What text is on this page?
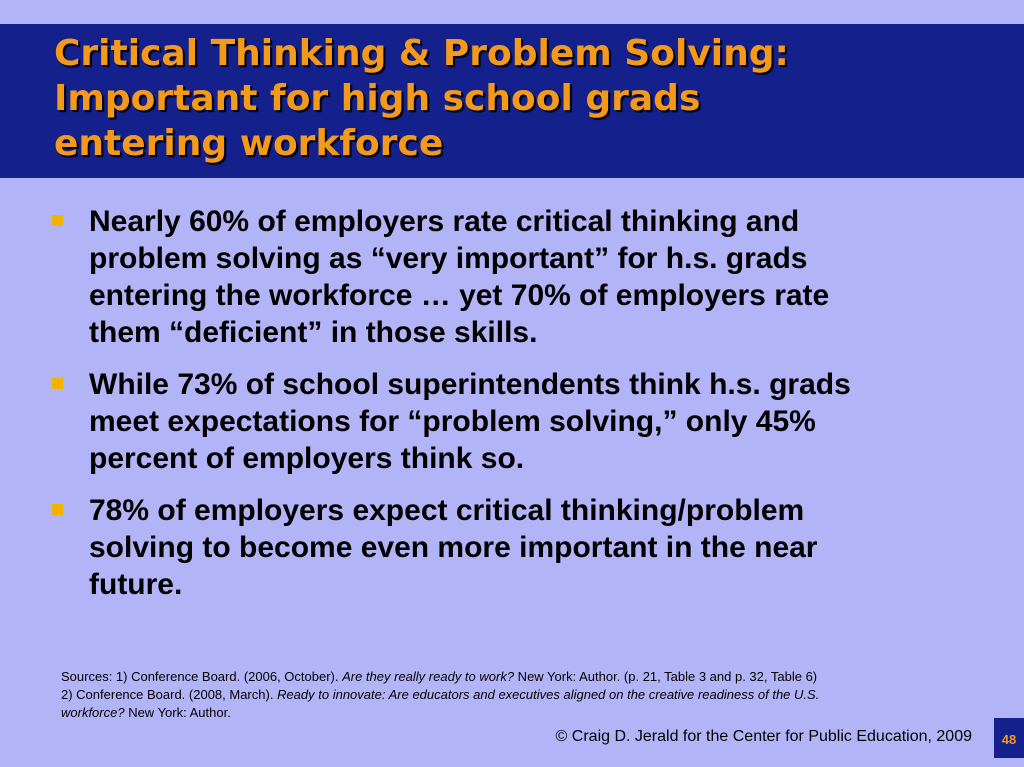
Critical Thinking & Problem Solving:
Important for high school grads
entering workforce
Nearly 60% of employers rate critical thinking and
problem solving as “very important” for h.s. grads
entering the workforce … yet 70% of employers rate
them “deficient” in those skills.
While 73% of school superintendents think h.s. grads
meet expectations for “problem solving,” only 45%
percent of employers think so.
78% of employers expect critical thinking/problem
solving to become even more important in the near
future.
Sources: 1) Conference Board. (2006, October). Are they really ready to work? New York: Author. (p. 21, Table 3 and p. 32, Table 6)
2) Conference Board. (2008, March). Ready to innovate: Are educators and executives aligned on the creative readiness of the U.S.
workforce? New York: Author.
© Craig D. Jerald for the Center for Public Education, 2009	48
